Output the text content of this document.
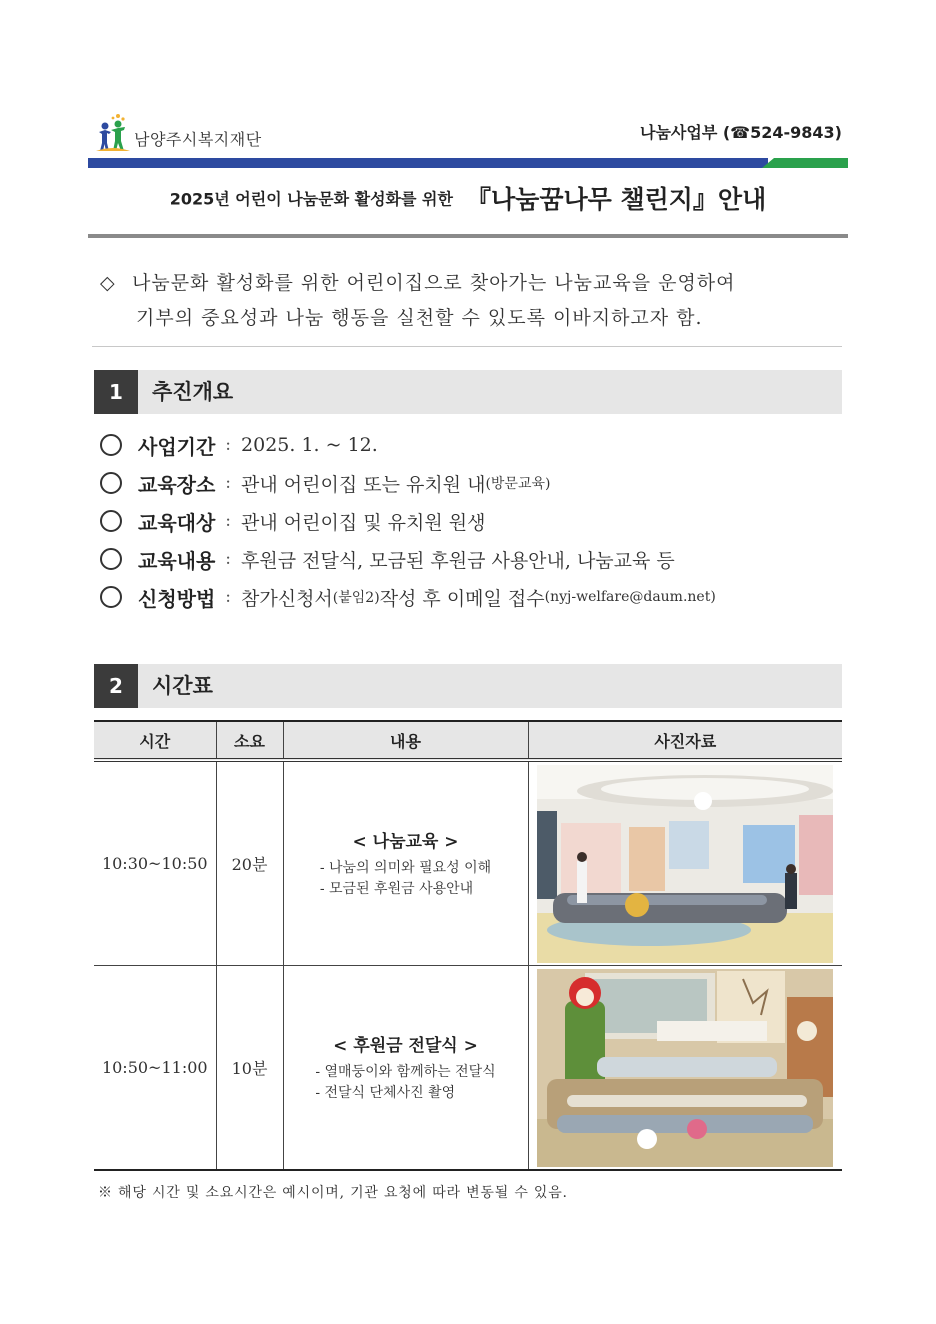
남양주시복지재단	나눔사업부 (☎524-9843)
2025년 어린이 나눔문화 활성화를 위한 『나눔꿈나무 챌린지』안내
◇ 나눔문화 활성화를 위한 어린이집으로 찾아가는 나눔교육을 운영하여
기부의 중요성과 나눔 행동을 실천할 수 있도록 이바지하고자 함.
1	추진개요
사업기간 : 2025. 1. ~ 12.
교육장소 : 관내 어린이집 또는 유치원 내 (방문교육)
교육대상 : 관내 어린이집 및 유치원 원생
교육내용 : 후원금 전달식, 모금된 후원금 사용안내, 나눔교육 등
신청방법 : 참가신청서 (붙임2) 작성 후 이메일 접수 (nyj-welfare@daum.net)
2	시간표
시간	소요	내용	사진자료
10:30~10:50	20분	< 나눔교육 >
- 나눔의 의미와 필요성 이해
- 모금된 후원금 사용안내

10:50~11:00	10분	< 후원금 전달식 >
- 열매둥이와 함께하는 전달식
- 전달식 단체사진 촬영

※ 해당 시간 및 소요시간은 예시이며, 기관 요청에 따라 변동될 수 있음.
